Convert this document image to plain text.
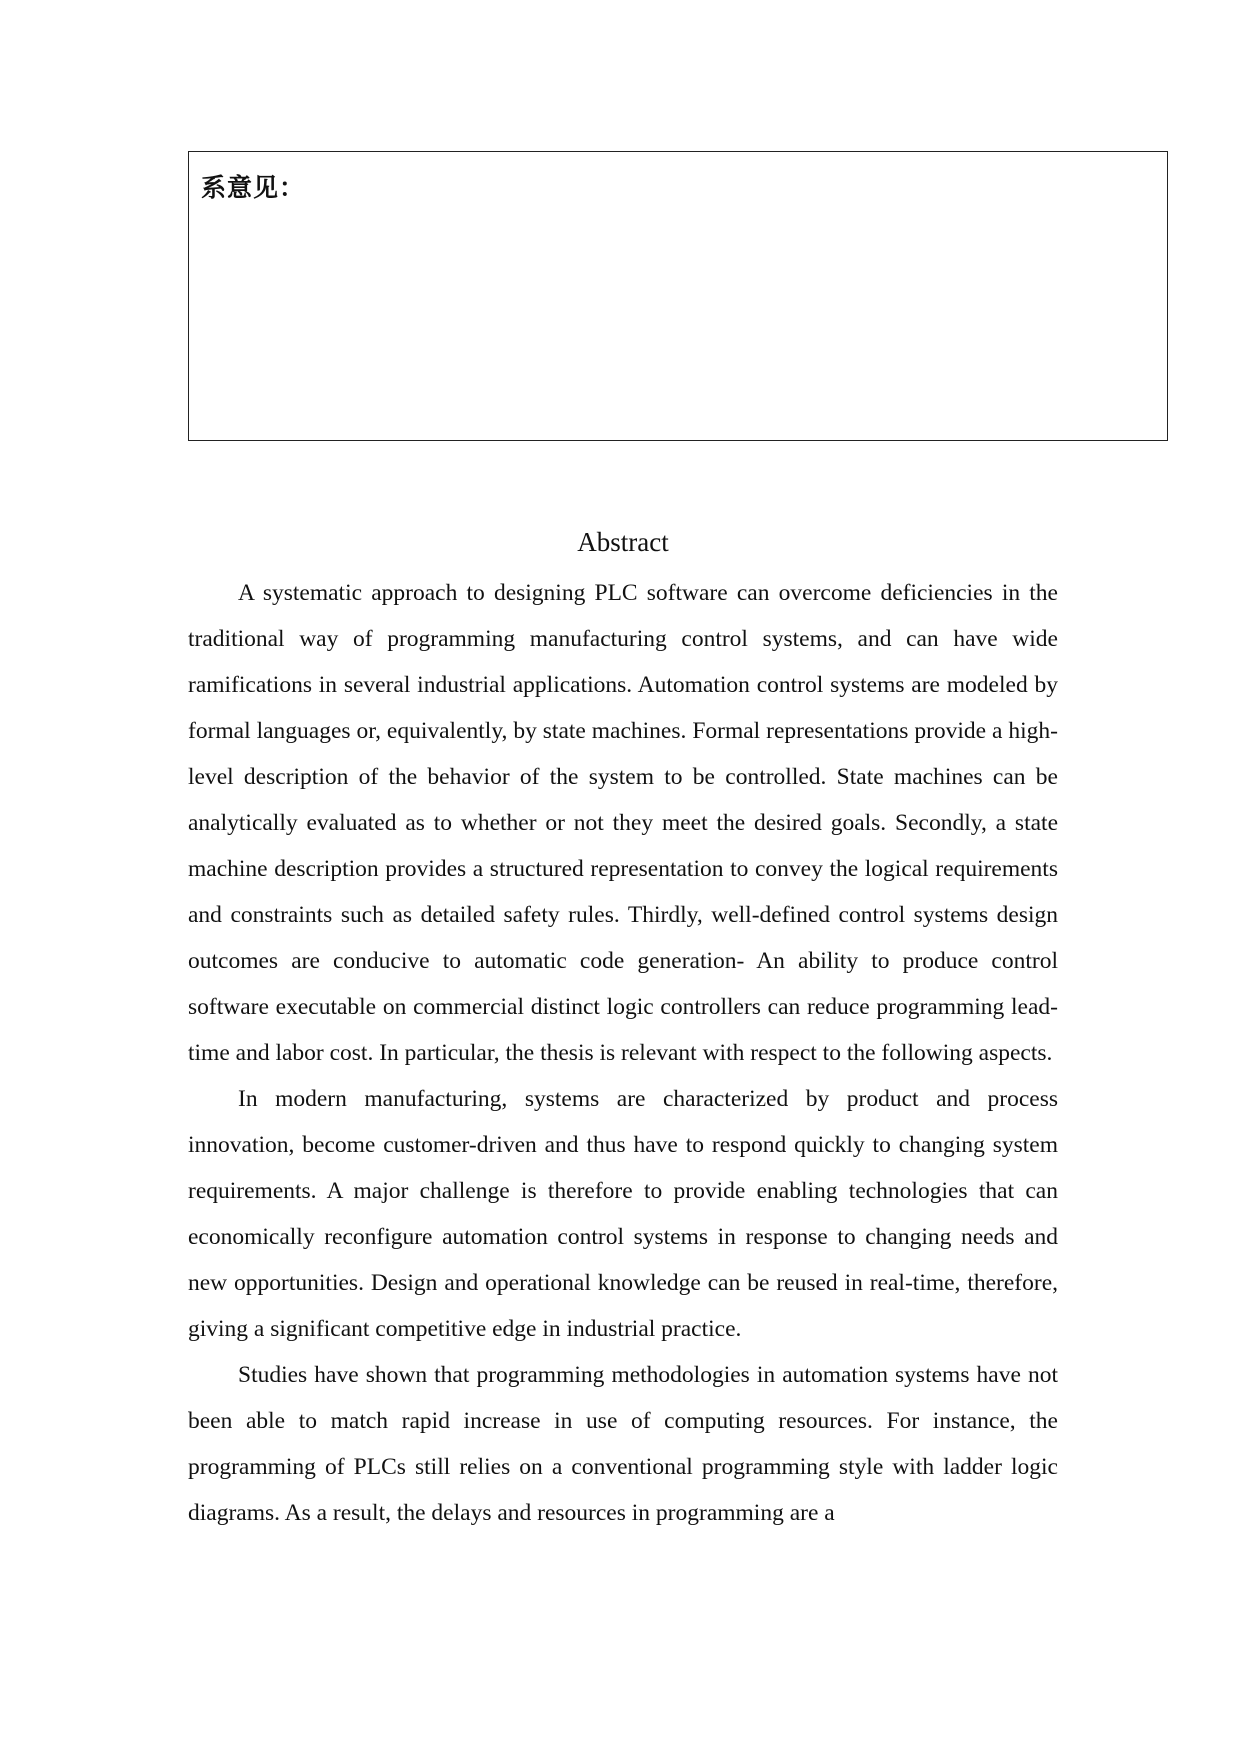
系意见：
Abstract

A systematic approach to designing PLC software can overcome deficiencies in the traditional way of programming manufacturing control systems, and can have wide ramifications in several industrial applications. Automation control systems are modeled by formal languages or, equivalently, by state machines. Formal representations provide a high-level description of the behavior of the system to be controlled. State machines can be analytically evaluated as to whether or not they meet the desired goals. Secondly, a state machine description provides a structured representation to convey the logical requirements and constraints such as detailed safety rules. Thirdly, well-defined control systems design outcomes are conducive to automatic code generation- An ability to produce control software executable on commercial distinct logic controllers can reduce programming lead-time and labor cost. In particular, the thesis is relevant with respect to the following aspects.

In modern manufacturing, systems are characterized by product and process innovation, become customer-driven and thus have to respond quickly to changing system requirements. A major challenge is therefore to provide enabling technologies that can economically reconfigure automation control systems in response to changing needs and new opportunities. Design and operational knowledge can be reused in real-time, therefore, giving a significant competitive edge in industrial practice.

Studies have shown that programming methodologies in automation systems have not been able to match rapid increase in use of computing resources. For instance, the programming of PLCs still relies on a conventional programming style with ladder logic diagrams. As a result, the delays and resources in programming are a
